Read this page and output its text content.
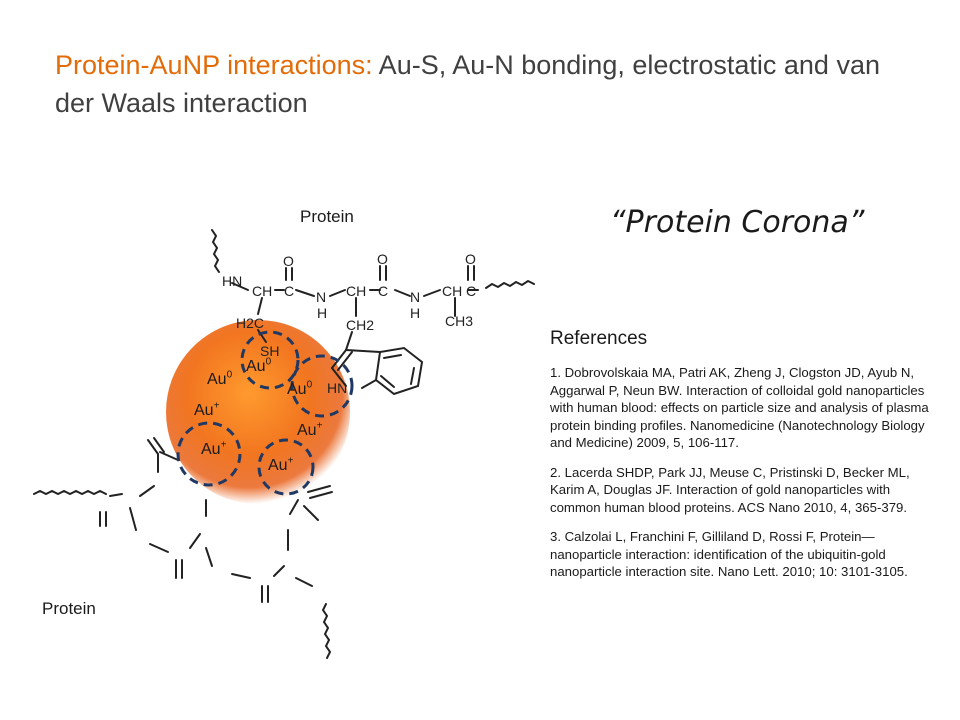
Protein-AuNP interactions: Au-S, Au-N bonding, electrostatic and van der Waals interaction
HN
CH C
O
N
H
CH C
O
N
H
CH C
O
H2C
SH
CH2	CH3
HN
Protein
Protein
Au$^0$
Au$^0$
Au$^0$
Au+
Au+
Au+
Au+
“Protein Corona”
References
1. Dobrovolskaia MA, Patri AK, Zheng J, Clogston JD, Ayub N, Aggarwal P, Neun BW. Interaction of colloidal gold nanoparticles with human blood: effects on particle size and analysis of plasma protein binding profiles. Nanomedicine (Nanotechnology Biology and Medicine) 2009, 5, 106-117.
2. Lacerda SHDP, Park JJ, Meuse C, Pristinski D, Becker ML, Karim A, Douglas JF. Interaction of gold nanoparticles with common human blood proteins. ACS Nano 2010, 4, 365-379.
3. Calzolai L, Franchini F, Gilliland D, Rossi F, Protein—nanoparticle interaction: identification of the ubiquitin-gold nanoparticle interaction site. Nano Lett. 2010; 10: 3101-3105.
